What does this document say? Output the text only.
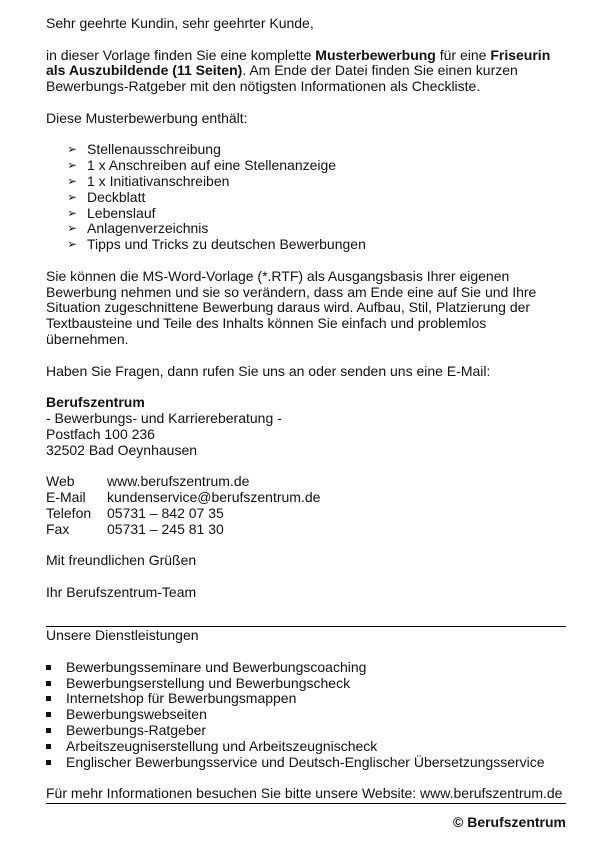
Sehr geehrte Kundin, sehr geehrter Kunde,

in dieser Vorlage finden Sie eine komplette Musterbewerbung für eine Friseurin als Auszubildende (11 Seiten). Am Ende der Datei finden Sie einen kurzen Bewerbungs-Ratgeber mit den nötigsten Informationen als Checkliste.

Diese Musterbewerbung enthält:

➢ Stellenausschreibung
➢ 1 x Anschreiben auf eine Stellenanzeige
➢ 1 x Initiativanschreiben
➢ Deckblatt
➢ Lebenslauf
➢ Anlagenverzeichnis
➢ Tipps und Tricks zu deutschen Bewerbungen

Sie können die MS-Word-Vorlage (*.RTF) als Ausgangsbasis Ihrer eigenen Bewerbung nehmen und sie so verändern, dass am Ende eine auf Sie und Ihre Situation zugeschnittene Bewerbung daraus wird. Aufbau, Stil, Platzierung der Textbausteine und Teile des Inhalts können Sie einfach und problemlos übernehmen.

Haben Sie Fragen, dann rufen Sie uns an oder senden uns eine E-Mail:

Berufszentrum

- Bewerbungs- und Karriereberatung -

Postfach 100 236

32502 Bad Oeynhausen

Web	www.berufszentrum.de
E-Mail	kundenservice@berufszentrum.de
Telefon	05731 – 842 07 35
Fax	05731 – 245 81 30

Mit freundlichen Grüßen

Ihr Berufszentrum-Team

Unsere Dienstleistungen

Bewerbungsseminare und Bewerbungscoaching
Bewerbungserstellung und Bewerbungscheck
Internetshop für Bewerbungsmappen
Bewerbungswebseiten
Bewerbungs-Ratgeber
Arbeitszeugniserstellung und Arbeitszeugnischeck
Englischer Bewerbungsservice und Deutsch-Englischer Übersetzungsservice

Für mehr Informationen besuchen Sie bitte unsere Website: www.berufszentrum.de

© Berufszentrum
